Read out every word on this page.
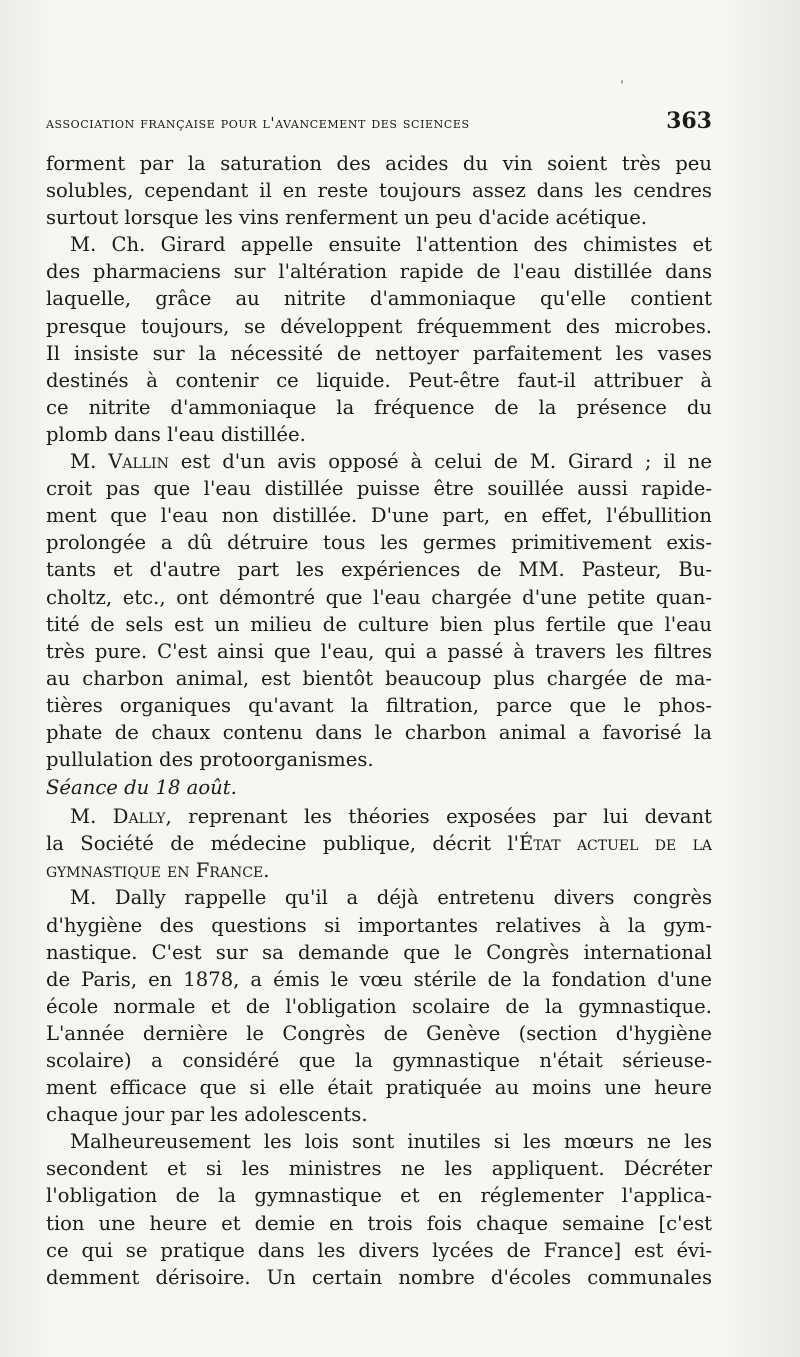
ˌ
association française pour l'avancement des sciences	363

forment par la saturation des acides du vin soient très peu

solubles, cependant il en reste toujours assez dans les cendres

surtout lorsque les vins renferment un peu d'acide acétique.

M. Ch. Girard appelle ensuite l'attention des chimistes et

des pharmaciens sur l'altération rapide de l'eau distillée dans

laquelle, grâce au nitrite d'ammoniaque qu'elle contient

presque toujours, se développent fréquemment des microbes.

Il insiste sur la nécessité de nettoyer parfaitement les vases

destinés à contenir ce liquide. Peut-être faut-il attribuer à

ce nitrite d'ammoniaque la fréquence de la présence du

plomb dans l'eau distillée.

M. Vallin est d'un avis opposé à celui de M. Girard ; il ne

croit pas que l'eau distillée puisse être souillée aussi rapide-

ment que l'eau non distillée. D'une part, en effet, l'ébullition

prolongée a dû détruire tous les germes primitivement exis-

tants et d'autre part les expériences de MM. Pasteur, Bu-

choltz, etc., ont démontré que l'eau chargée d'une petite quan-

tité de sels est un milieu de culture bien plus fertile que l'eau

très pure. C'est ainsi que l'eau, qui a passé à travers les filtres

au charbon animal, est bientôt beaucoup plus chargée de ma-

tières organiques qu'avant la filtration, parce que le phos-

phate de chaux contenu dans le charbon animal a favorisé la

pullulation des protoorganismes.

Séance du 18 août.

M. Dally, reprenant les théories exposées par lui devant

la Société de médecine publique, décrit l'État actuel de la

gymnastique en France.

M. Dally rappelle qu'il a déjà entretenu divers congrès

d'hygiène des questions si importantes relatives à la gym-

nastique. C'est sur sa demande que le Congrès international

de Paris, en 1878, a émis le vœu stérile de la fondation d'une

école normale et de l'obligation scolaire de la gymnastique.

L'année dernière le Congrès de Genève (section d'hygiène

scolaire) a considéré que la gymnastique n'était sérieuse-

ment efficace que si elle était pratiquée au moins une heure

chaque jour par les adolescents.

Malheureusement les lois sont inutiles si les mœurs ne les

secondent et si les ministres ne les appliquent. Décréter

l'obligation de la gymnastique et en réglementer l'applica-

tion une heure et demie en trois fois chaque semaine [c'est

ce qui se pratique dans les divers lycées de France] est évi-

demment dérisoire. Un certain nombre d'écoles communales
